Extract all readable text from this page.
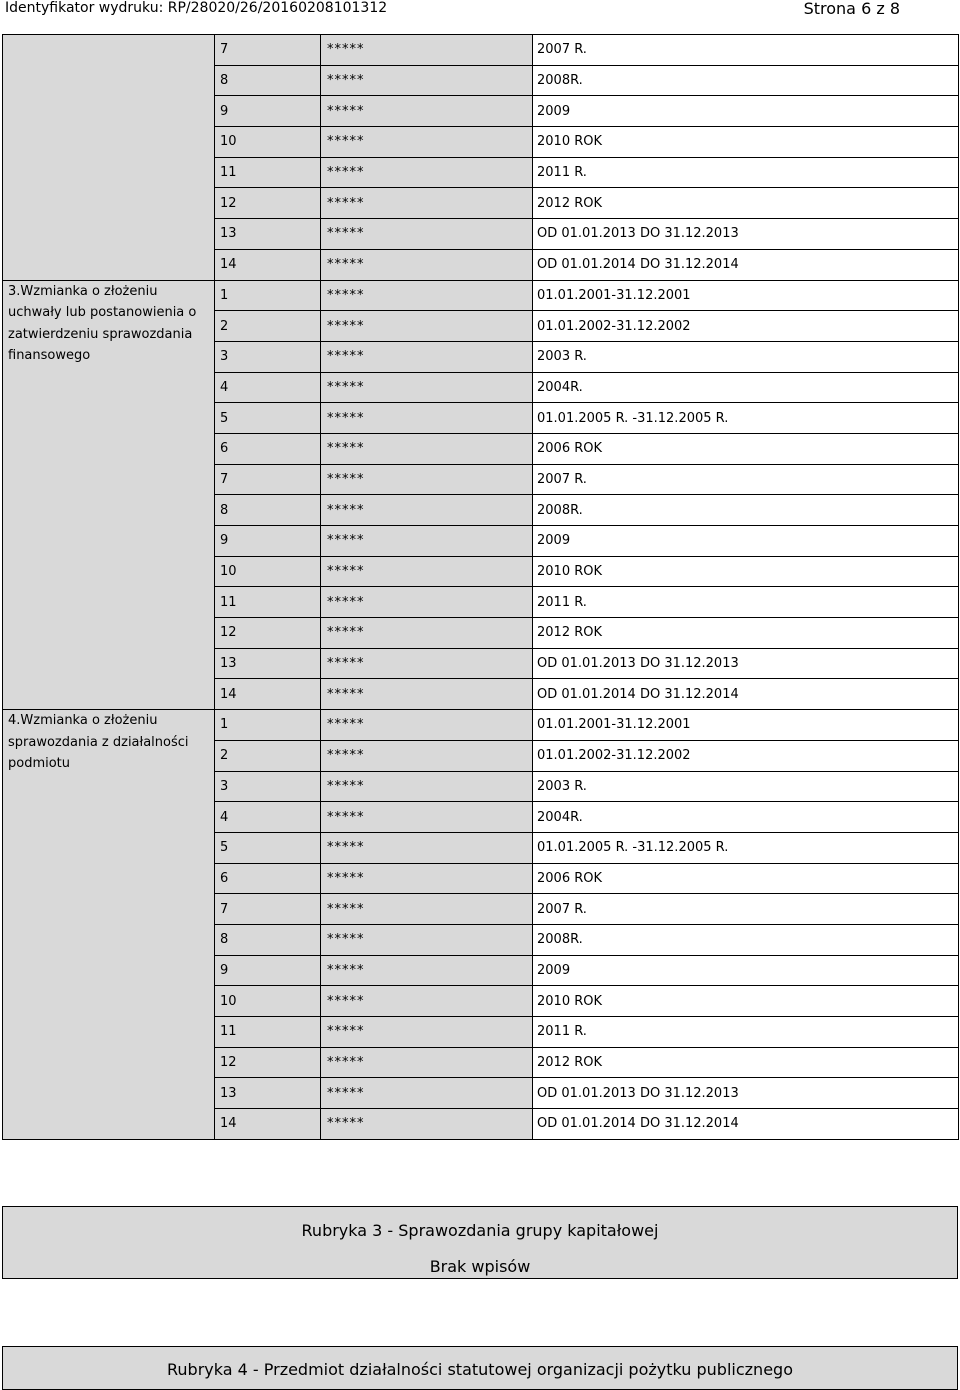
Identyfikator wydruku: RP/28020/26/20160208101312	Strona 6 z 8
	7	*****	2007 R.
	8	*****	2008R.
	9	*****	2009
	10	*****	2010 ROK
	11	*****	2011 R.
	12	*****	2012 ROK
	13	*****	OD 01.01.2013 DO 31.12.2013
	14	*****	OD 01.01.2014 DO 31.12.2014
3.Wzmianka o złożeniu uchwały lub postanowienia o zatwierdzeniu sprawozdania finansowego	1	*****	01.01.2001-31.12.2001
	2	*****	01.01.2002-31.12.2002
	3	*****	2003 R.
	4	*****	2004R.
	5	*****	01.01.2005 R. -31.12.2005 R.
	6	*****	2006 ROK
	7	*****	2007 R.
	8	*****	2008R.
	9	*****	2009
	10	*****	2010 ROK
	11	*****	2011 R.
	12	*****	2012 ROK
	13	*****	OD 01.01.2013 DO 31.12.2013
	14	*****	OD 01.01.2014 DO 31.12.2014
4.Wzmianka o złożeniu sprawozdania z działalności podmiotu	1	*****	01.01.2001-31.12.2001
	2	*****	01.01.2002-31.12.2002
	3	*****	2003 R.
	4	*****	2004R.
	5	*****	01.01.2005 R. -31.12.2005 R.
	6	*****	2006 ROK
	7	*****	2007 R.
	8	*****	2008R.
	9	*****	2009
	10	*****	2010 ROK
	11	*****	2011 R.
	12	*****	2012 ROK
	13	*****	OD 01.01.2013 DO 31.12.2013
	14	*****	OD 01.01.2014 DO 31.12.2014
Rubryka 3 - Sprawozdania grupy kapitałowej
Brak wpisów
Rubryka 4 - Przedmiot działalności statutowej organizacji pożytku publicznego
